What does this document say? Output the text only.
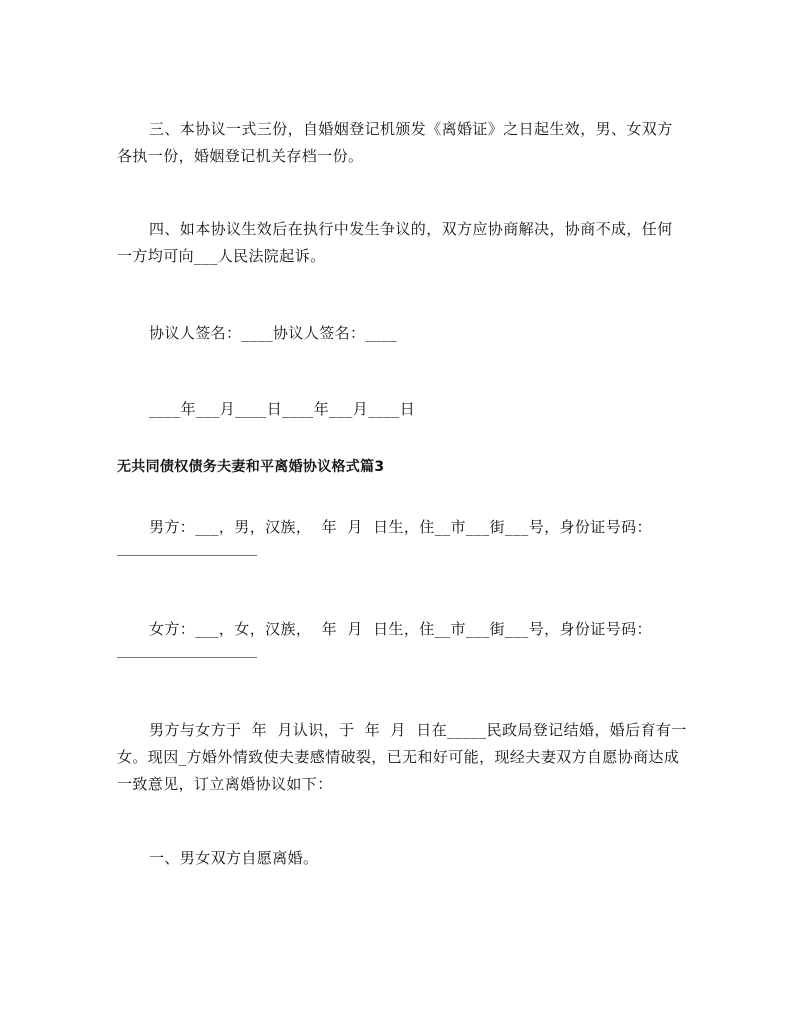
三、本协议一式三份，自婚姻登记机颁发《离婚证》之日起生效，男、女双方各执一份，婚姻登记机关存档一份。

四、如本协议生效后在执行中发生争议的，双方应协商解决，协商不成，任何一方均可向___人民法院起诉。

协议人签名：____协议人签名：____

____年___月____日____年___月____日

无共同债权债务夫妻和平离婚协议格式篇3

男方：___，男，汉族，  年  月  日生，住__市___街___号，身份证号码：

女方：___，女，汉族，  年  月  日生，住__市___街___号，身份证号码：

男方与女方于  年  月认识，于  年  月  日在_____民政局登记结婚，婚后育有一女。现因_方婚外情致使夫妻感情破裂，已无和好可能，现经夫妻双方自愿协商达成一致意见，订立离婚协议如下：

一、男女双方自愿离婚。
